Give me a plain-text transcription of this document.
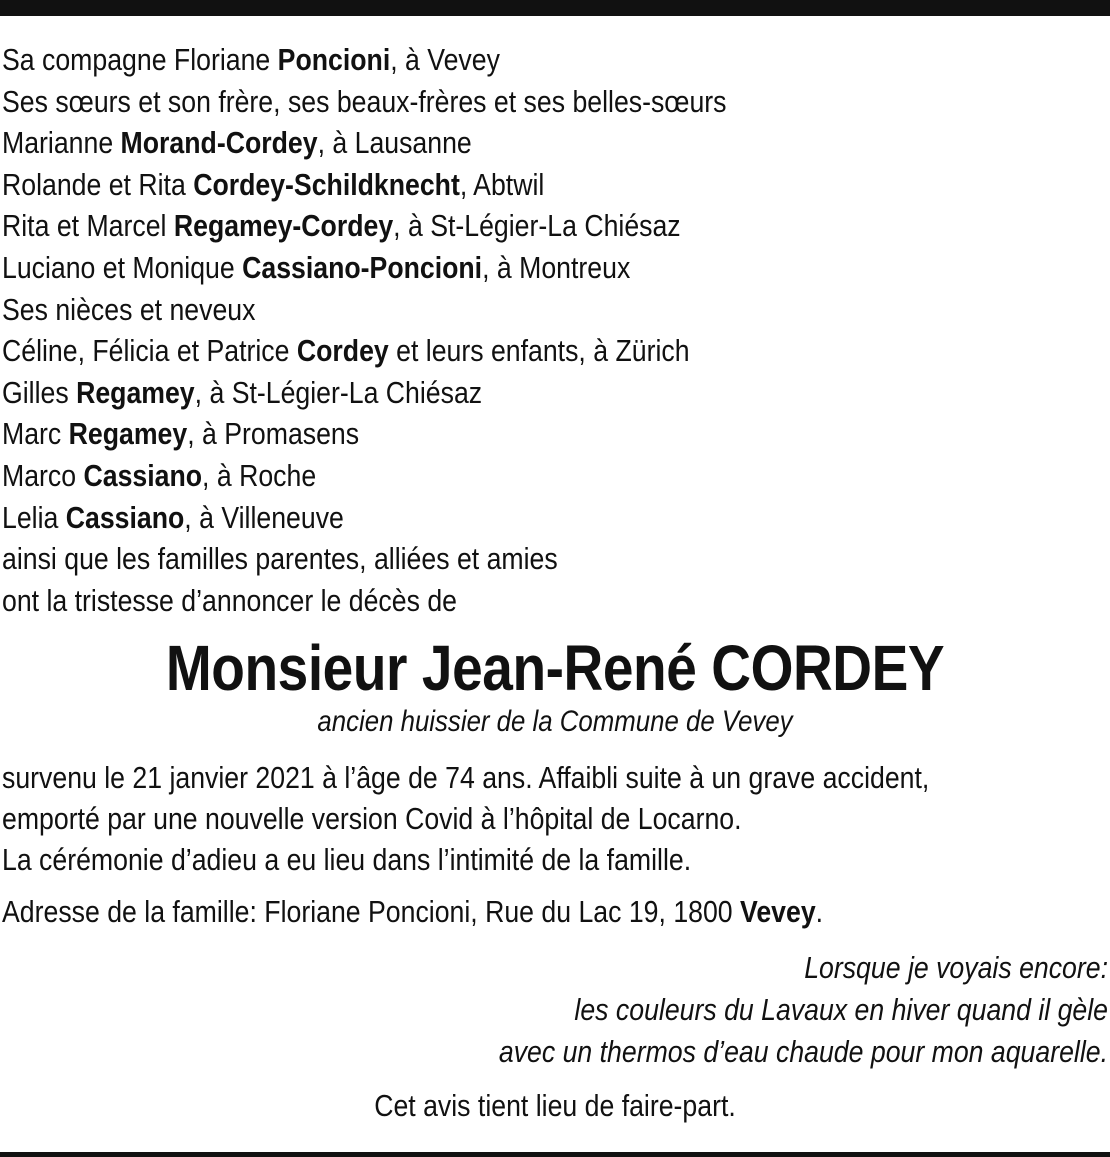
Sa compagne Floriane Poncioni, à Vevey
Ses sœurs et son frère, ses beaux-frères et ses belles-sœurs
Marianne Morand-Cordey, à Lausanne
Rolande et Rita Cordey-Schildknecht, Abtwil
Rita et Marcel Regamey-Cordey, à St-Légier-La Chiésaz
Luciano et Monique Cassiano-Poncioni, à Montreux
Ses nièces et neveux
Céline, Félicia et Patrice Cordey et leurs enfants, à Zürich
Gilles Regamey, à St-Légier-La Chiésaz
Marc Regamey, à Promasens
Marco Cassiano, à Roche
Lelia Cassiano, à Villeneuve
ainsi que les familles parentes, alliées et amies
ont la tristesse d’annoncer le décès de
Monsieur Jean-René CORDEY
ancien huissier de la Commune de Vevey
survenu le 21 janvier 2021 à l’âge de 74 ans. Affaibli suite à un grave accident,
emporté par une nouvelle version Covid à l’hôpital de Locarno.
La cérémonie d’adieu a eu lieu dans l’intimité de la famille.
Adresse de la famille: Floriane Poncioni, Rue du Lac 19, 1800 Vevey.
Lorsque je voyais encore:
les couleurs du Lavaux en hiver quand il gèle
avec un thermos d’eau chaude pour mon aquarelle.
Cet avis tient lieu de faire-part.
